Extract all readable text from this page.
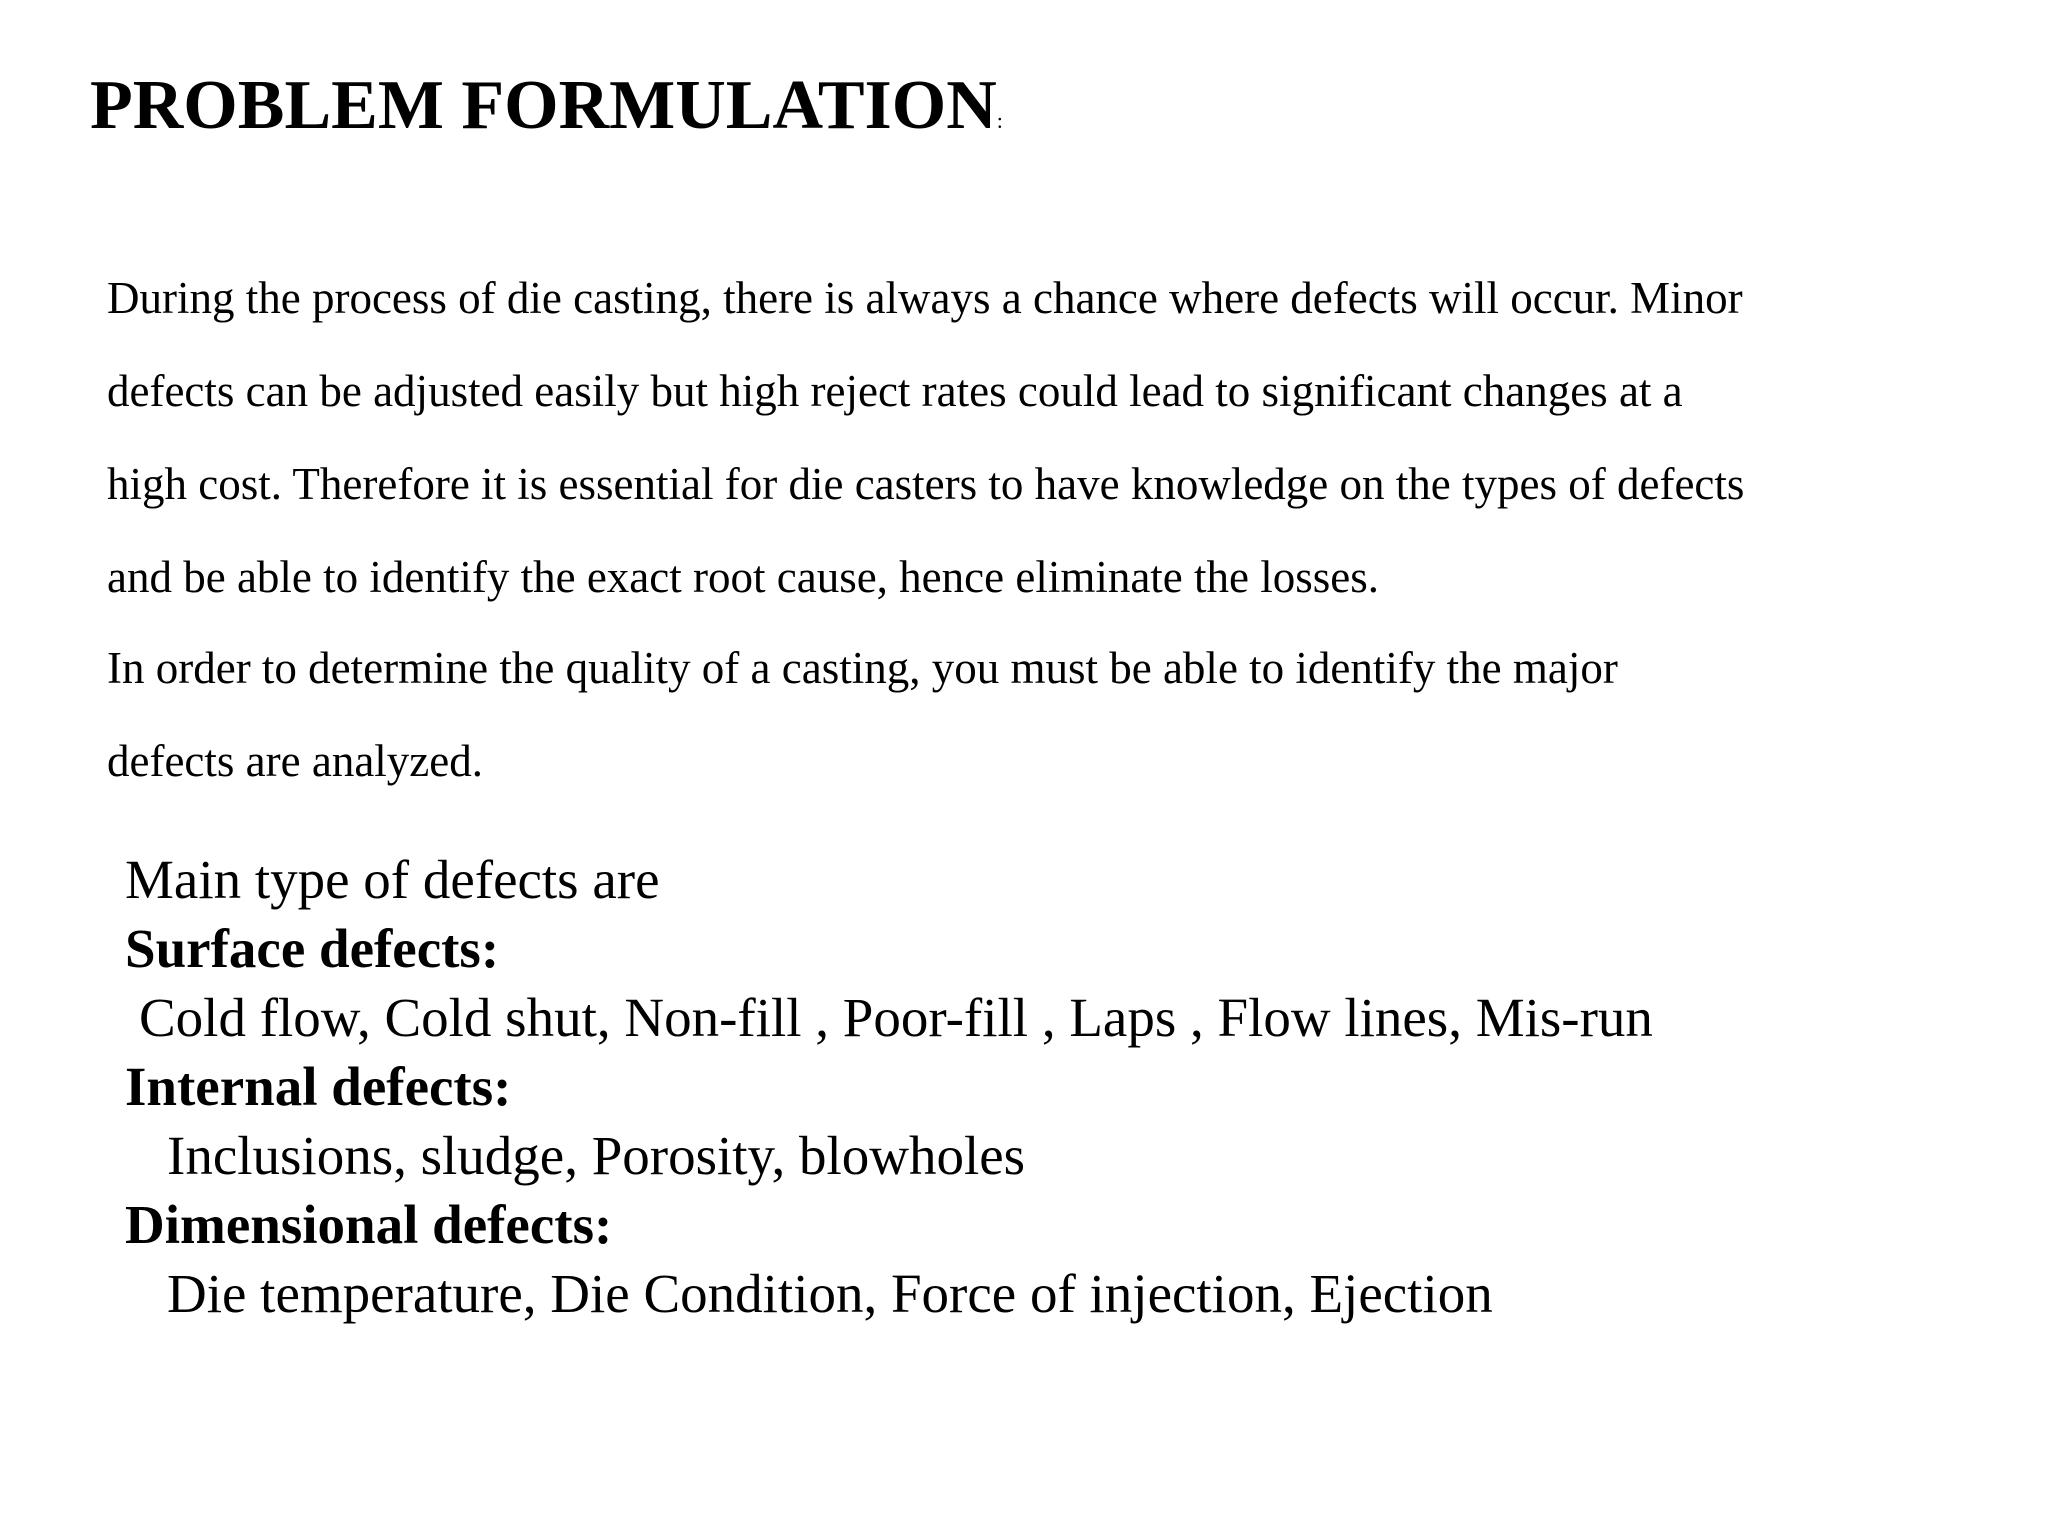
PROBLEM FORMULATION:
During the process of die casting, there is always a chance where defects will occur. Minor
defects can be adjusted easily but high reject rates could lead to significant changes at a
high cost. Therefore it is essential for die casters to have knowledge on the types of defects
and be able to identify the exact root cause, hence eliminate the losses.
In order to determine the quality of a casting, you must be able to identify the major
defects are analyzed.
Main type of defects are
Surface defects:
Cold flow, Cold shut, Non-fill , Poor-fill , Laps , Flow lines, Mis-run
Internal defects:
Inclusions, sludge, Porosity, blowholes
Dimensional defects:
Die temperature, Die Condition, Force of injection, Ejection
